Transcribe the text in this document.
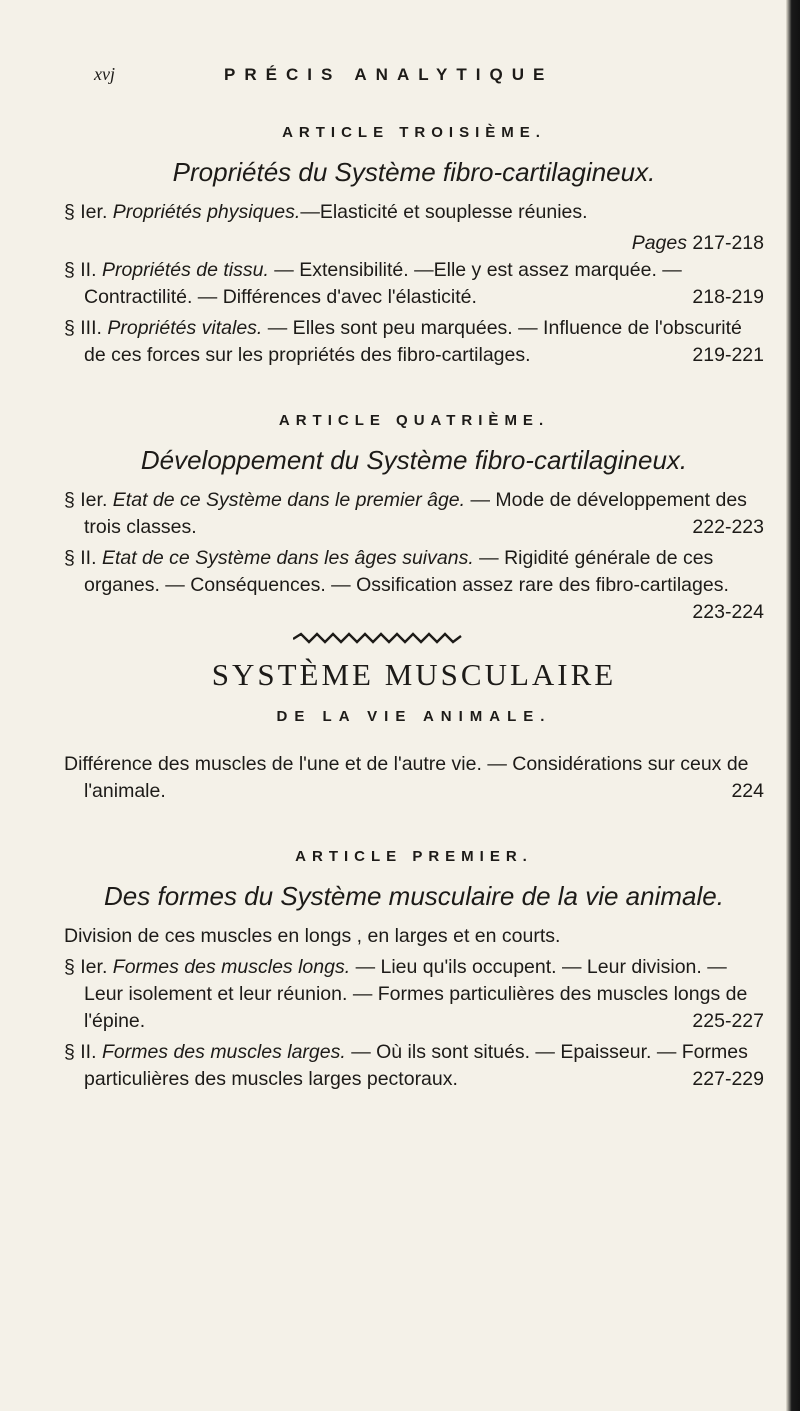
xvj	PRÉCIS ANALYTIQUE
ARTICLE TROISIÈME.
Propriétés du Système fibro-cartilagineux.

§ Ier. Propriétés physiques.—Elasticité et souplesse réunies.

Pages 217-218

§ II. Propriétés de tissu. — Extensibilité. —Elle y est assez marquée. — Contractilité. — Différences d'avec l'élasticité.	218-219

§ III. Propriétés vitales. — Elles sont peu marquées. — Influence de l'obscurité de ces forces sur les propriétés des fibro-cartilages.	219-221

ARTICLE QUATRIÈME.
Développement du Système fibro-cartilagineux.

§ Ier. Etat de ce Système dans le premier âge. — Mode de développement des trois classes.	222-223

§ II. Etat de ce Système dans les âges suivans. — Rigidité générale de ces organes. — Conséquences. — Ossification assez rare des fibro-cartilages.
223-224

SYSTÈME MUSCULAIRE
DE LA VIE ANIMALE.

Différence des muscles de l'une et de l'autre vie. — Considérations sur ceux de l'animale.	224

ARTICLE PREMIER.
Des formes du Système musculaire de la vie animale.

Division de ces muscles en longs , en larges et en courts.

§ Ier. Formes des muscles longs. — Lieu qu'ils occupent. — Leur division. — Leur isolement et leur réunion. — Formes particulières des muscles longs de l'épine.	225-227

§ II. Formes des muscles larges. — Où ils sont situés. — Epaisseur. — Formes particulières des muscles larges pectoraux.	227-229
